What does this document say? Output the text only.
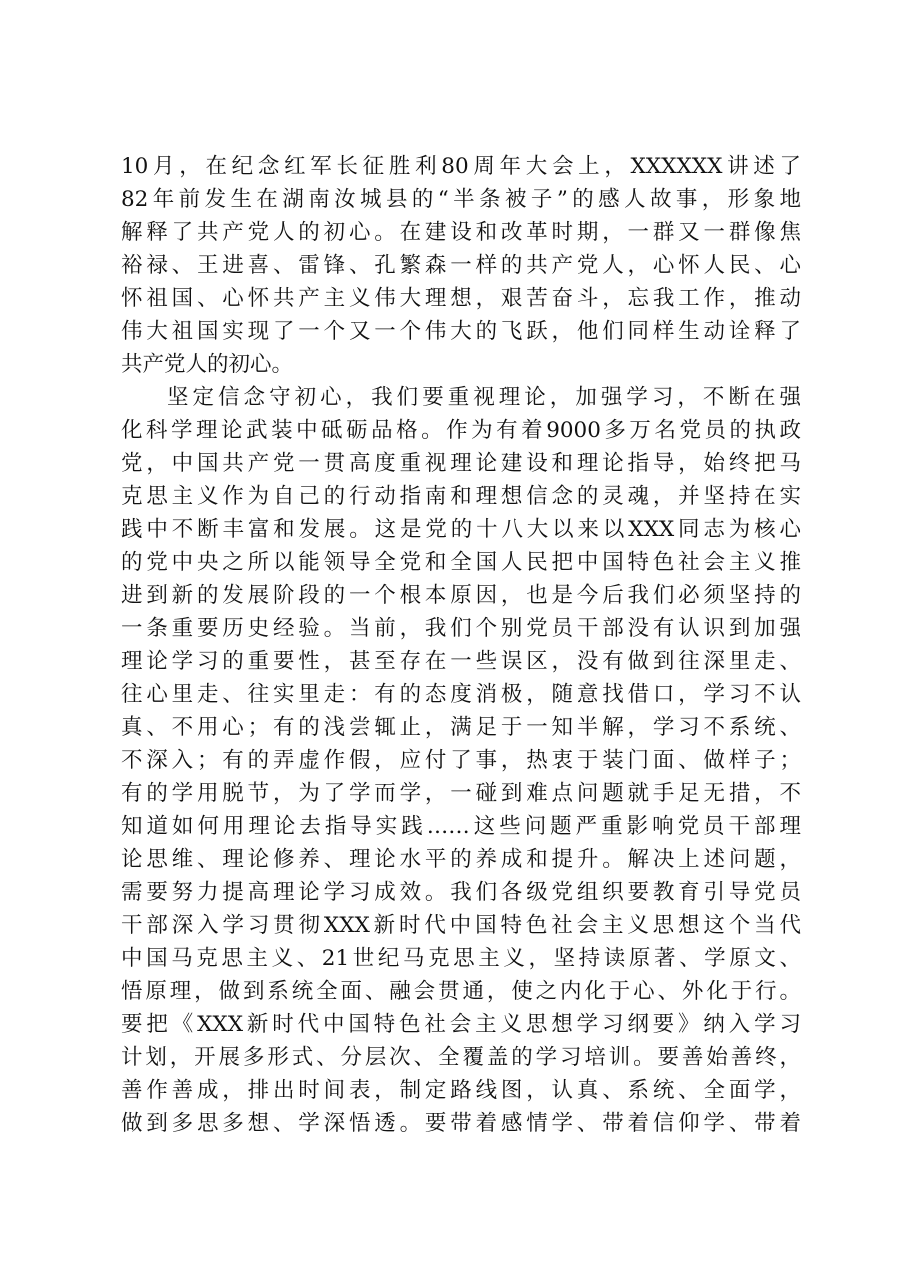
10月，在纪念红军长征胜利80周年大会上，XXXXXX讲述了
82年前发生在湖南汝城县的“半条被子”的感人故事，形象地
解释了共产党人的初心。在建设和改革时期，一群又一群像焦
裕禄、王进喜、雷锋、孔繁森一样的共产党人，心怀人民、心
怀祖国、心怀共产主义伟大理想，艰苦奋斗，忘我工作，推动
伟大祖国实现了一个又一个伟大的飞跃，他们同样生动诠释了
共产党人的初心。
坚定信念守初心，我们要重视理论，加强学习，不断在强
化科学理论武装中砥砺品格。作为有着9000多万名党员的执政
党，中国共产党一贯高度重视理论建设和理论指导，始终把马
克思主义作为自己的行动指南和理想信念的灵魂，并坚持在实
践中不断丰富和发展。这是党的十八大以来以XXX同志为核心
的党中央之所以能领导全党和全国人民把中国特色社会主义推
进到新的发展阶段的一个根本原因，也是今后我们必须坚持的
一条重要历史经验。当前，我们个别党员干部没有认识到加强
理论学习的重要性，甚至存在一些误区，没有做到往深里走、
往心里走、往实里走：有的态度消极，随意找借口，学习不认
真、不用心；有的浅尝辄止，满足于一知半解，学习不系统、
不深入；有的弄虚作假，应付了事，热衷于装门面、做样子；
有的学用脱节，为了学而学，一碰到难点问题就手足无措，不
知道如何用理论去指导实践……这些问题严重影响党员干部理
论思维、理论修养、理论水平的养成和提升。解决上述问题，
需要努力提高理论学习成效。我们各级党组织要教育引导党员
干部深入学习贯彻XXX新时代中国特色社会主义思想这个当代
中国马克思主义、21世纪马克思主义，坚持读原著、学原文、
悟原理，做到系统全面、融会贯通，使之内化于心、外化于行。
要把《XXX新时代中国特色社会主义思想学习纲要》纳入学习
计划，开展多形式、分层次、全覆盖的学习培训。要善始善终，
善作善成，排出时间表，制定路线图，认真、系统、全面学，
做到多思多想、学深悟透。要带着感情学、带着信仰学、带着
